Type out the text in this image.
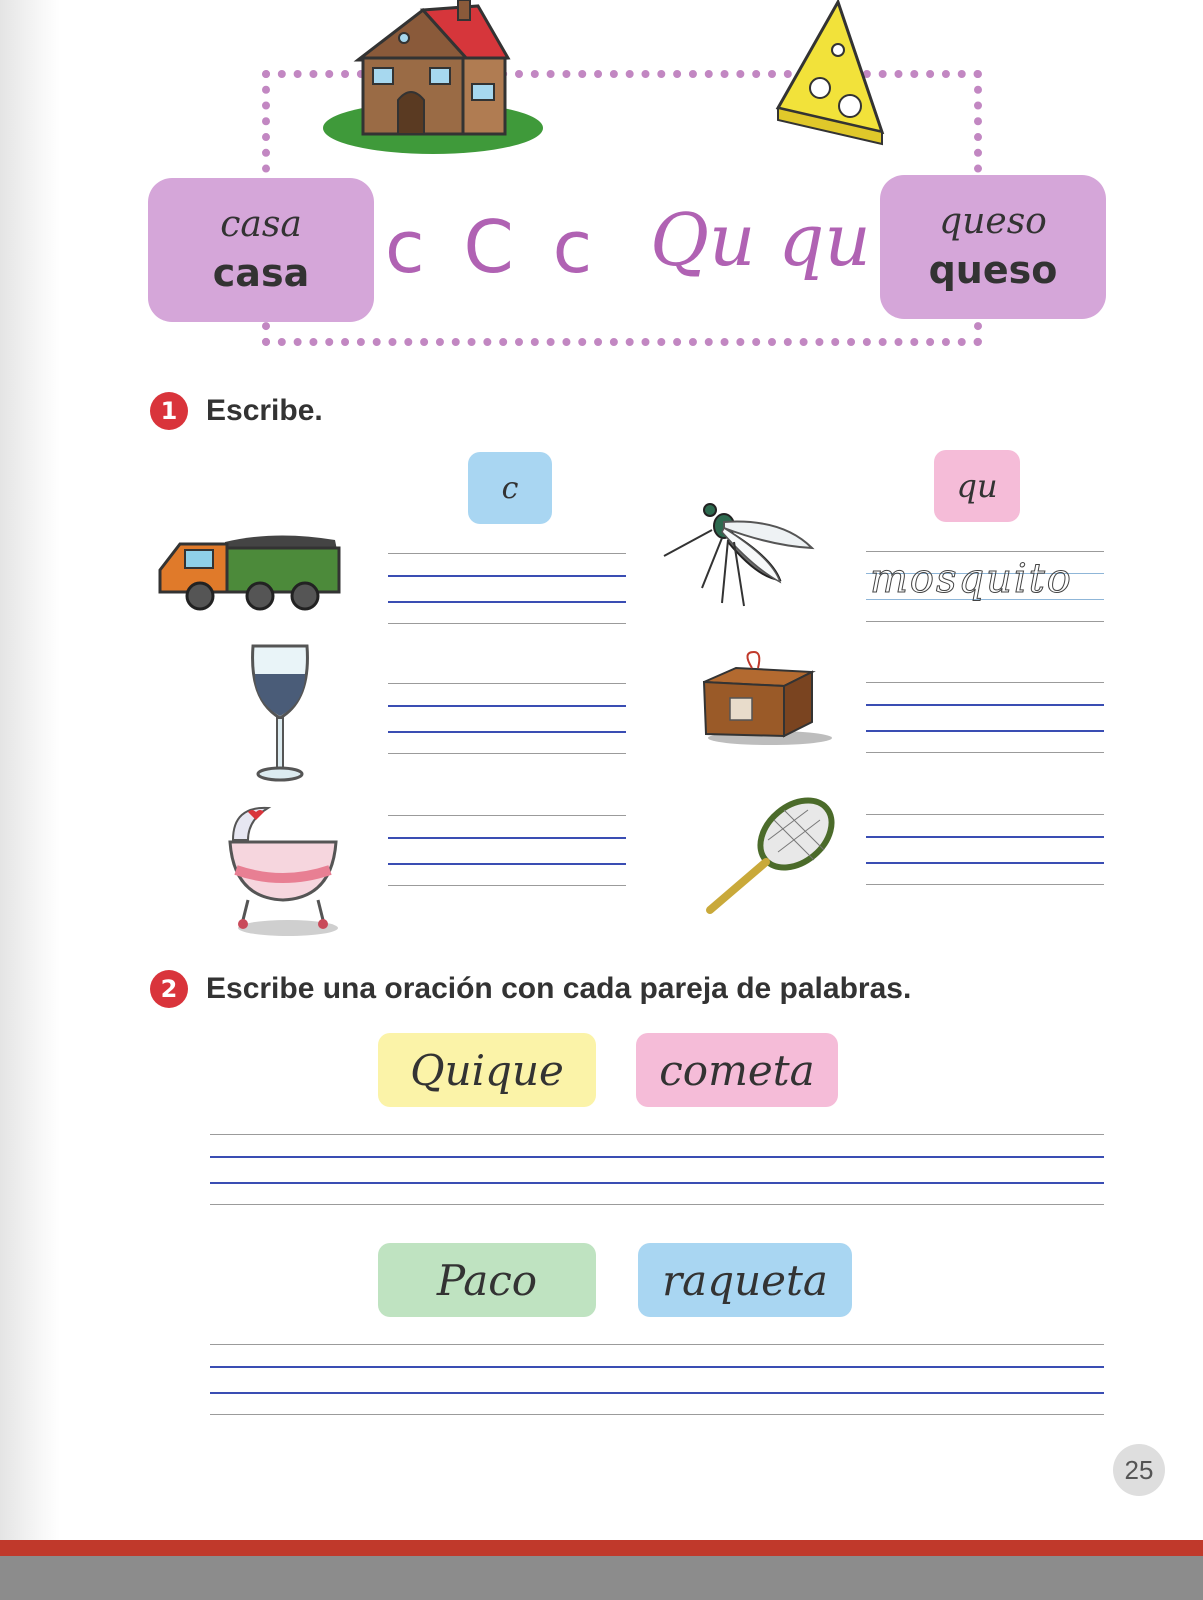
casa
casa c C c Qu qu queso
queso
1 Escribe.
c	qu
mosquito
2 Escribe una oración con cada pareja de palabras.
Quique	cometa
Paco	raqueta
25
